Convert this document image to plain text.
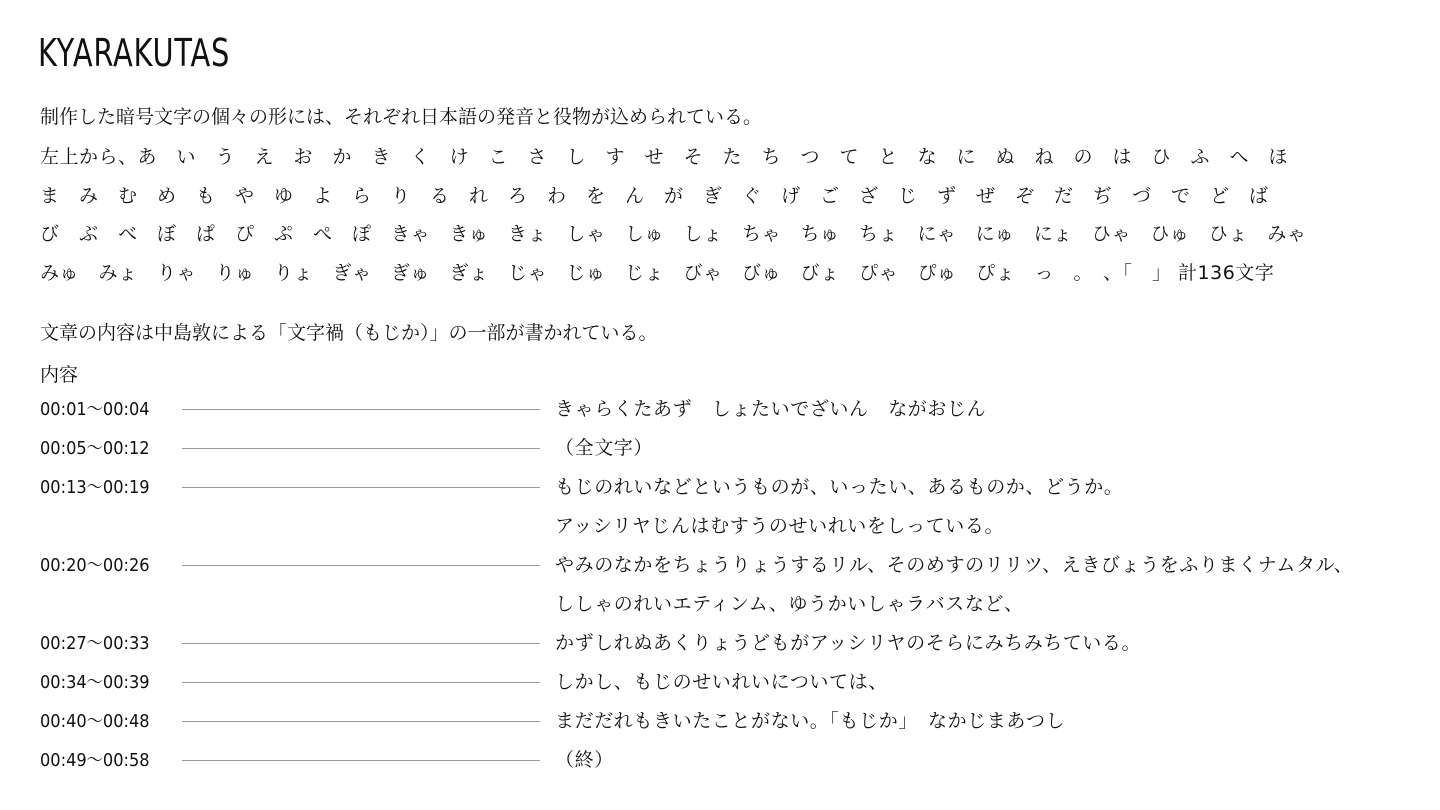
KYARAKUTAS
制作した暗号文字の個々の形には、それぞれ日本語の発音と役物が込められている。
左上から、あ　い　う　え　お　か　き　く　け　こ　さ　し　す　せ　そ　た　ち　つ　て　と　な　に　ぬ　ね　の　は　ひ　ふ　へ　ほ
ま　み　む　め　も　や　ゆ　よ　ら　り　る　れ　ろ　わ　を　ん　が　ぎ　ぐ　げ　ご　ざ　じ　ず　ぜ　ぞ　だ　ぢ　づ　で　ど　ば
び　ぶ　べ　ぼ　ぱ　ぴ　ぷ　ぺ　ぽ　きゃ　きゅ　きょ　しゃ　しゅ　しょ　ちゃ　ちゅ　ちょ　にゃ　にゅ　にょ　ひゃ　ひゅ　ひょ　みゃ
みゅ　みょ　りゃ　りゅ　りょ　ぎゃ　ぎゅ　ぎょ　じゃ　じゅ　じょ　びゃ　びゅ　びょ　ぴゃ　ぴゅ　ぴょ　っ　。　、「　」 計136文字
文章の内容は中島敦による「文字禍（もじか）」の一部が書かれている。
内容
00:01〜00:04	きゃらくたあず　しょたいでざいん　ながおじん
00:05〜00:12	（全文字）
00:13〜00:19	もじのれいなどというものが、いったい、あるものか、どうか。
アッシリヤじんはむすうのせいれいをしっている。
00:20〜00:26	やみのなかをちょうりょうするリル、そのめすのリリツ、えきびょうをふりまくナムタル、
ししゃのれいエティンム、ゆうかいしゃラバスなど、
00:27〜00:33	かずしれぬあくりょうどもがアッシリヤのそらにみちみちている。
00:34〜00:39	しかし、もじのせいれいについては、
00:40〜00:48	まだだれもきいたことがない。「もじか」　なかじまあつし
00:49〜00:58	（終）
